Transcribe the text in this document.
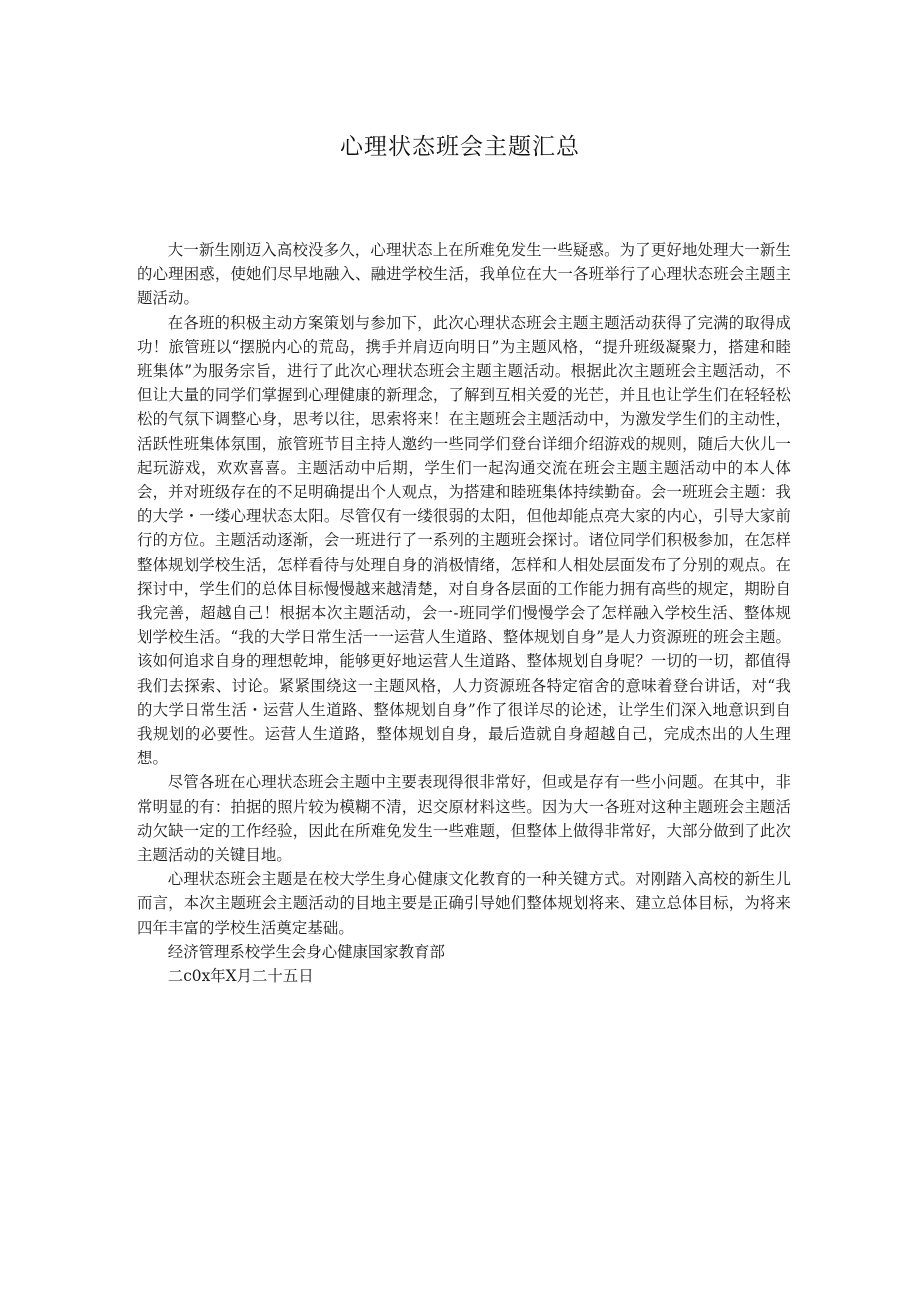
心理状态班会主题汇总

大一新生刚迈入高校没多久，心理状态上在所难免发生一些疑惑。为了更好地处理大一新生的心理困惑，使她们尽早地融入、融进学校生活，我单位在大一各班举行了心理状态班会主题主题活动。

在各班的积极主动方案策划与参加下，此次心理状态班会主题主题活动获得了完满的取得成功！旅管班以“摆脱内心的荒岛，携手并肩迈向明日”为主题风格，“提升班级凝聚力，搭建和睦班集体”为服务宗旨，进行了此次心理状态班会主题主题活动。根据此次主题班会主题活动，不但让大量的同学们掌握到心理健康的新理念，了解到互相关爱的光芒，并且也让学生们在轻轻松松的气氛下调整心身，思考以往，思索将来！在主题班会主题活动中，为激发学生们的主动性，活跃性班集体氛围，旅管班节目主持人邀约一些同学们登台详细介绍游戏的规则，随后大伙儿一起玩游戏，欢欢喜喜。主题活动中后期，学生们一起沟通交流在班会主题主题活动中的本人体会，并对班级存在的不足明确提出个人观点，为搭建和睦班集体持续勤奋。会一班班会主题：我的大学・一缕心理状态太阳。尽管仅有一缕很弱的太阳，但他却能点亮大家的内心，引导大家前行的方位。主题活动逐渐，会一班进行了一系列的主题班会探讨。诸位同学们积极参加，在怎样整体规划学校生活，怎样看待与处理自身的消极情绪，怎样和人相处层面发布了分别的观点。在探讨中，学生们的总体目标慢慢越来越清楚，对自身各层面的工作能力拥有高些的规定，期盼自我完善，超越自己！根据本次主题活动，会一-班同学们慢慢学会了怎样融入学校生活、整体规划学校生活。“我的大学日常生活一一运营人生道路、整体规划自身”是人力资源班的班会主题。该如何追求自身的理想乾坤，能够更好地运营人生道路、整体规划自身呢？一切的一切，都值得我们去探索、讨论。紧紧围绕这一主题风格，人力资源班各特定宿舍的意味着登台讲话，对“我的大学日常生活・运营人生道路、整体规划自身”作了很详尽的论述，让学生们深入地意识到自我规划的必要性。运营人生道路，整体规划自身，最后造就自身超越自己，完成杰出的人生理想。

尽管各班在心理状态班会主题中主要表现得很非常好，但或是存有一些小问题。在其中，非常明显的有：拍据的照片较为模糊不清，迟交原材料这些。因为大一各班对这种主题班会主题活动欠缺一定的工作经验，因此在所难免发生一些难题，但整体上做得非常好，大部分做到了此次主题活动的关键目地。

心理状态班会主题是在校大学生身心健康文化教育的一种关键方式。对刚踏入高校的新生儿而言，本次主题班会主题活动的目地主要是正确引导她们整体规划将来、建立总体目标，为将来四年丰富的学校生活奠定基础。

经济管理系校学生会身心健康国家教育部

二c0x年X月二十五日
